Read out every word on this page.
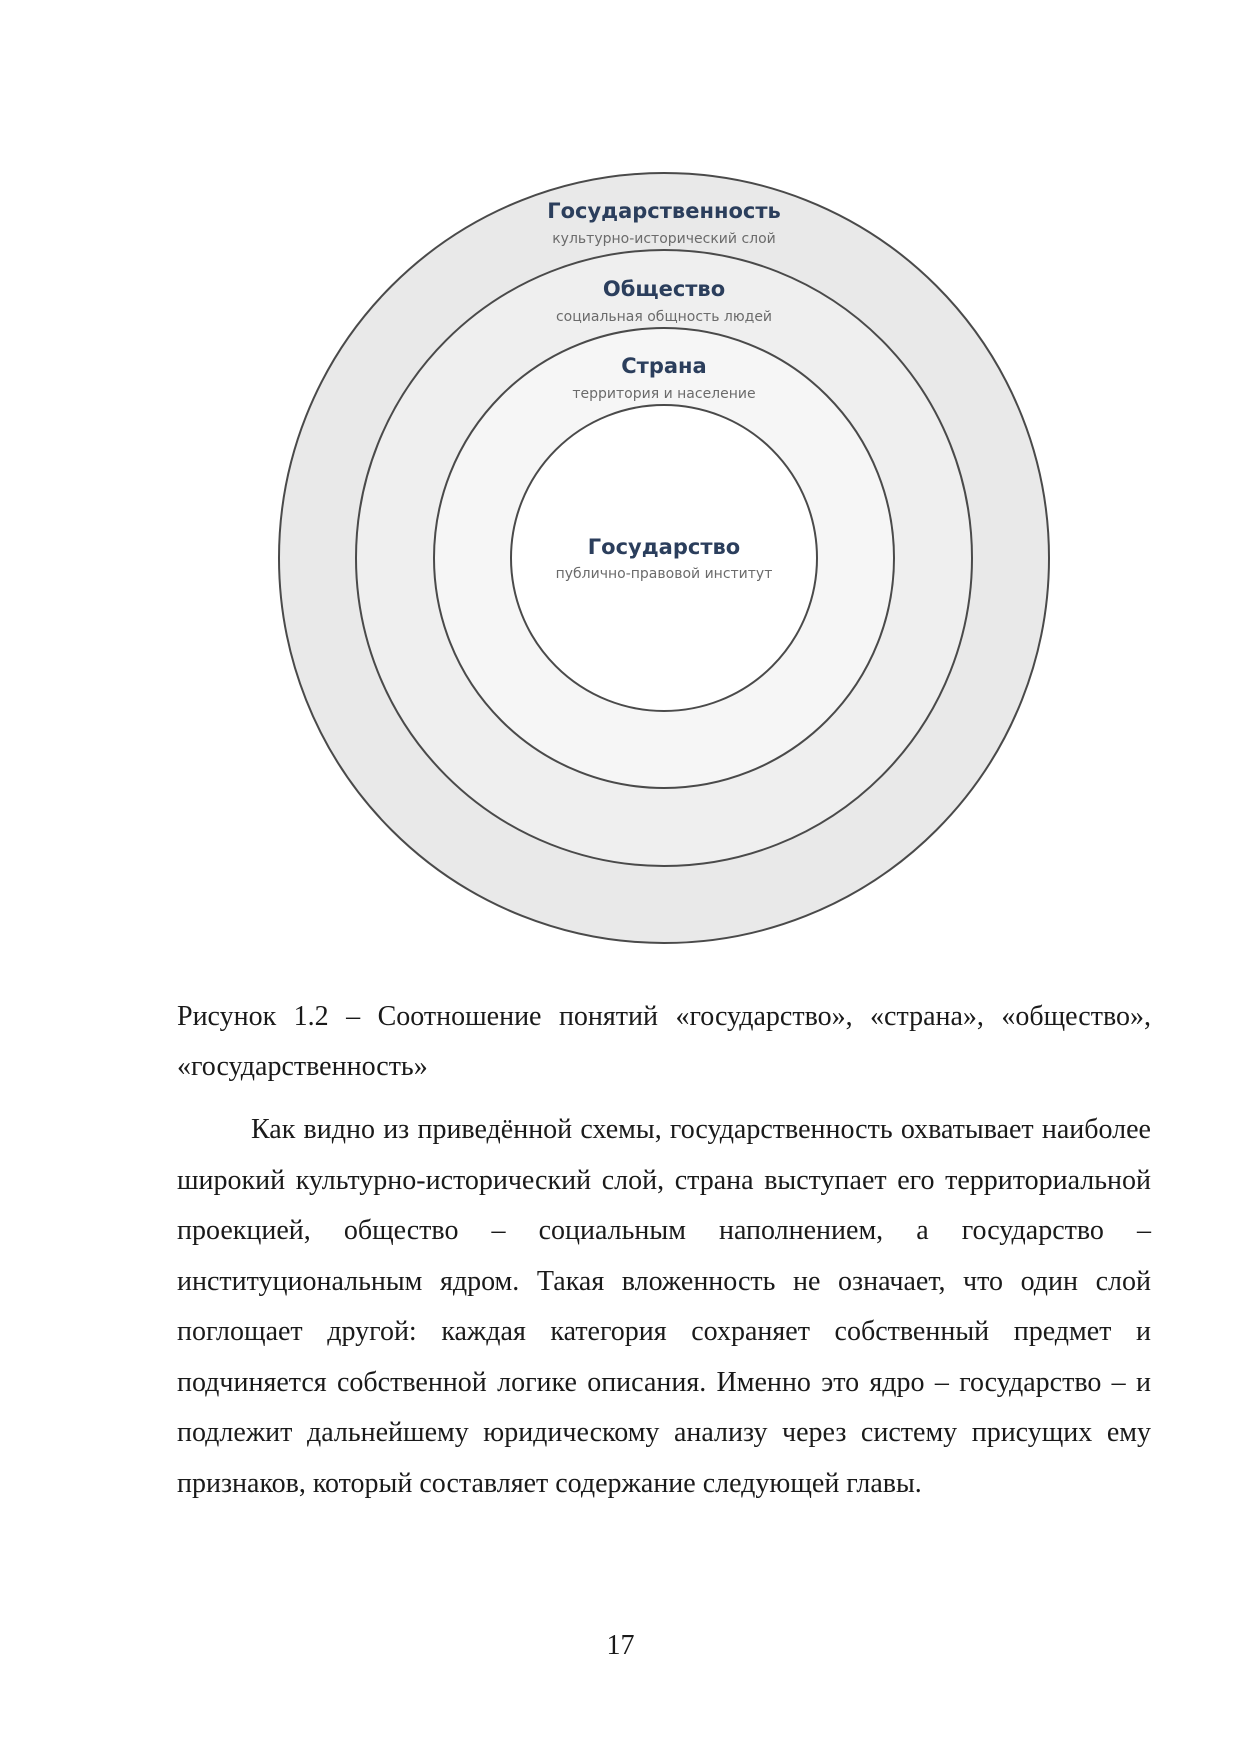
Государственность
культурно-исторический слой
Общество
социальная общность людей
Страна
территория и население
Государство
публично-правовой институт

Рисунок 1.2 – Соотношение понятий «государство», «страна», «общество», «государственность»

Как видно из приведённой схемы, государственность охватывает наиболее широкий культурно-исторический слой, страна выступает его территориальной проекцией, общество – социальным наполнением, а государство – институциональным ядром. Такая вложенность не означает, что один слой поглощает другой: каждая категория сохраняет собственный предмет и подчиняется собственной логике описания. Именно это ядро – государство – и подлежит дальнейшему юридическому анализу через систему присущих ему признаков, который составляет содержание следующей главы.

17
